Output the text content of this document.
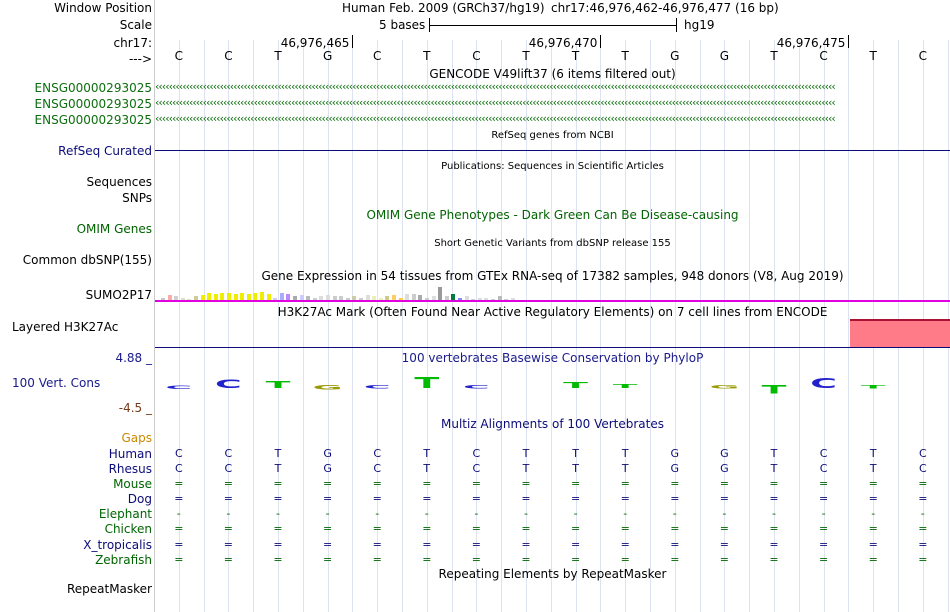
Window Position
Scale
chr17:
--->
ENSG00000293025
ENSG00000293025
ENSG00000293025
RefSeq Curated
Sequences
SNPs
OMIM Genes
Common dbSNP(155)
SUMO2P17
Layered H3K27Ac
4.88 _
100 Vert. Cons
-4.5 _
Gaps
Human
Rhesus
Mouse
Dog
Elephant
Chicken
X_tropicalis
Zebrafish
RepeatMasker
Human Feb. 2009 (GRCh37/hg19) chr17:46,976,462-46,976,477 (16 bp)
5 bases	hg19
46,976,465	46,976,470	46,976,475
C	C	T	G	C	T	C	T	T	T	G	G	T	C	T	C
GENCODE V49lift37 (6 items filtered out)
‹‹‹‹‹‹‹‹‹‹‹‹‹‹‹‹‹‹‹‹‹‹‹‹‹‹‹‹‹‹‹‹‹‹‹‹‹‹‹‹‹‹‹‹‹‹‹‹‹‹‹‹‹‹‹‹‹‹‹‹‹‹‹‹‹‹‹‹‹‹‹‹‹‹‹‹‹‹‹‹‹‹‹‹‹‹‹‹‹‹‹‹‹‹‹‹‹‹‹‹‹‹‹‹‹‹‹‹‹‹‹‹‹‹‹‹‹‹‹‹‹‹‹‹‹‹‹‹‹‹‹‹‹‹‹‹‹‹‹‹‹‹‹‹‹‹‹‹‹‹‹‹‹‹‹‹‹‹‹‹‹‹‹‹‹‹‹‹‹‹‹‹‹‹‹‹‹‹‹‹‹‹‹‹‹‹‹‹‹‹‹‹‹‹‹‹‹‹‹‹
‹‹‹‹‹‹‹‹‹‹‹‹‹‹‹‹‹‹‹‹‹‹‹‹‹‹‹‹‹‹‹‹‹‹‹‹‹‹‹‹‹‹‹‹‹‹‹‹‹‹‹‹‹‹‹‹‹‹‹‹‹‹‹‹‹‹‹‹‹‹‹‹‹‹‹‹‹‹‹‹‹‹‹‹‹‹‹‹‹‹‹‹‹‹‹‹‹‹‹‹‹‹‹‹‹‹‹‹‹‹‹‹‹‹‹‹‹‹‹‹‹‹‹‹‹‹‹‹‹‹‹‹‹‹‹‹‹‹‹‹‹‹‹‹‹‹‹‹‹‹‹‹‹‹‹‹‹‹‹‹‹‹‹‹‹‹‹‹‹‹‹‹‹‹‹‹‹‹‹‹‹‹‹‹‹‹‹‹‹‹‹‹‹‹‹‹‹‹‹‹
‹‹‹‹‹‹‹‹‹‹‹‹‹‹‹‹‹‹‹‹‹‹‹‹‹‹‹‹‹‹‹‹‹‹‹‹‹‹‹‹‹‹‹‹‹‹‹‹‹‹‹‹‹‹‹‹‹‹‹‹‹‹‹‹‹‹‹‹‹‹‹‹‹‹‹‹‹‹‹‹‹‹‹‹‹‹‹‹‹‹‹‹‹‹‹‹‹‹‹‹‹‹‹‹‹‹‹‹‹‹‹‹‹‹‹‹‹‹‹‹‹‹‹‹‹‹‹‹‹‹‹‹‹‹‹‹‹‹‹‹‹‹‹‹‹‹‹‹‹‹‹‹‹‹‹‹‹‹‹‹‹‹‹‹‹‹‹‹‹‹‹‹‹‹‹‹‹‹‹‹‹‹‹‹‹‹‹‹‹‹‹‹‹‹‹‹‹‹‹‹
RefSeq genes from NCBI
Publications: Sequences in Scientific Articles
OMIM Gene Phenotypes - Dark Green Can Be Disease-causing
Short Genetic Variants from dbSNP release 155
Gene Expression in 54 tissues from GTEx RNA-seq of 17382 samples, 948 donors (V8, Aug 2019)
H3K27Ac Mark (Often Found Near Active Regulatory Elements) on 7 cell lines from ENCODE
100 vertebrates Basewise Conservation by PhyloP
C C T G C T C	T T	G T C T
Multiz Alignments of 100 Vertebrates
C	C	T	G	C	T	C	T	T	T	G	G	T	C	T	C
C	C	T	G	C	T	C	T	T	T	G	G	T	C	T	C
=	=	=	=	=	=	=	=	=	=	=	=	=	=	=	=
=	=	=	=	=	=	=	=	=	=	=	=	=	=	=	=
-	-	-	-	-	-	-	-	-	-	-	-	-	-	-	-
=	=	=	=	=	=	=	=	=	=	=	=	=	=	=	=
=	=	=	=	=	=	=	=	=	=	=	=	=	=	=	=
=	=	=	=	=	=	=	=	=	=	=	=	=	=	=	=
Repeating Elements by RepeatMasker
